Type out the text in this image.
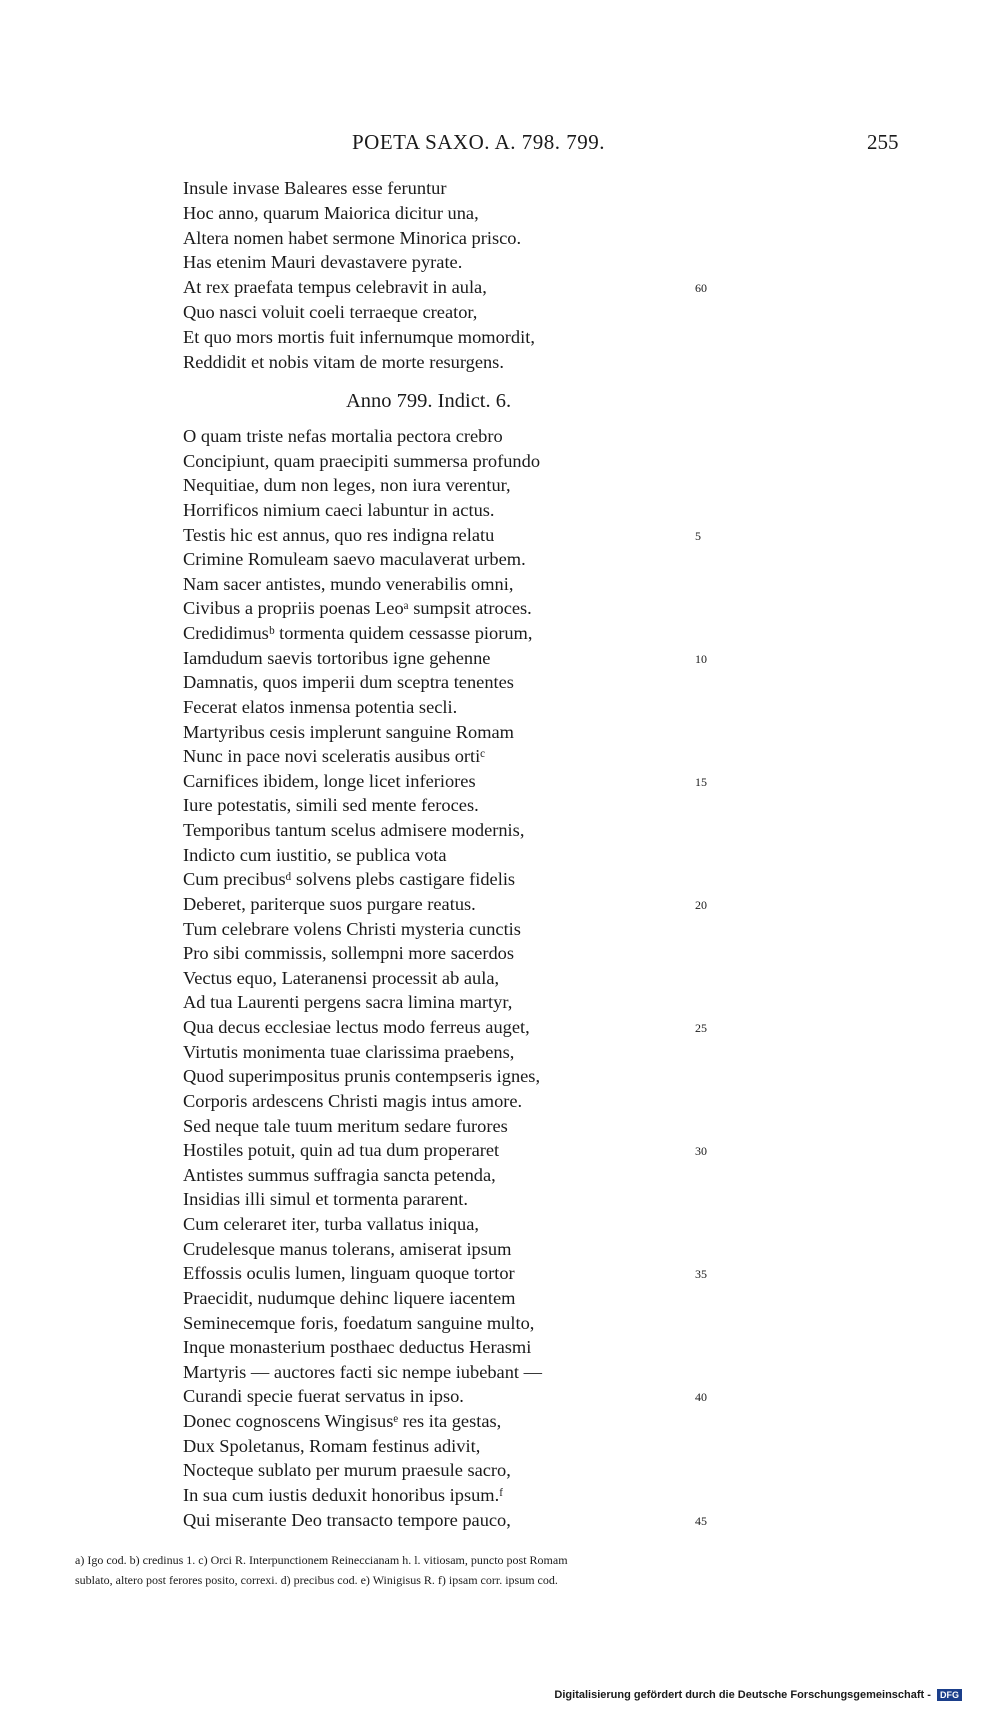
POETA SAXO. A. 798. 799.	255
Insule invase Baleares esse feruntur
Hoc anno, quarum Maiorica dicitur una,
Altera nomen habet sermone Minorica prisco.
Has etenim Mauri devastavere pyrate.
At rex praefata tempus celebravit in aula,	60
Quo nasci voluit coeli terraeque creator,
Et quo mors mortis fuit infernumque momordit,
Reddidit et nobis vitam de morte resurgens.
Anno 799. Indict. 6.
O quam triste nefas mortalia pectora crebro
Concipiunt, quam praecipiti summersa profundo
Nequitiae, dum non leges, non iura verentur,
Horrificos nimium caeci labuntur in actus.
Testis hic est annus, quo res indigna relatu	5
Crimine Romuleam saevo maculaverat urbem.
Nam sacer antistes, mundo venerabilis omni,
Civibus a propriis poenas Leoᵃ sumpsit atroces.
Credidimusᵇ tormenta quidem cessasse piorum,
Iamdudum saevis tortoribus igne gehenne	10
Damnatis, quos imperii dum sceptra tenentes
Fecerat elatos inmensa potentia secli.
Martyribus cesis implerunt sanguine Romam
Nunc in pace novi sceleratis ausibus ortiᶜ
Carnifices ibidem, longe licet inferiores	15
Iure potestatis, simili sed mente feroces.
Temporibus tantum scelus admisere modernis,
Indicto cum iustitio, se publica vota
Cum precibusᵈ solvens plebs castigare fidelis
Deberet, pariterque suos purgare reatus.	20
Tum celebrare volens Christi mysteria cunctis
Pro sibi commissis, sollempni more sacerdos
Vectus equo, Lateranensi processit ab aula,
Ad tua Laurenti pergens sacra limina martyr,
Qua decus ecclesiae lectus modo ferreus auget,	25
Virtutis monimenta tuae clarissima praebens,
Quod superimpositus prunis contempseris ignes,
Corporis ardescens Christi magis intus amore.
Sed neque tale tuum meritum sedare furores
Hostiles potuit, quin ad tua dum properaret	30
Antistes summus suffragia sancta petenda,
Insidias illi simul et tormenta pararent.
Cum celeraret iter, turba vallatus iniqua,
Crudelesque manus tolerans, amiserat ipsum
Effossis oculis lumen, linguam quoque tortor	35
Praecidit, nudumque dehinc liquere iacentem
Seminecemque foris, foedatum sanguine multo,
Inque monasterium posthaec deductus Herasmi
Martyris — auctores facti sic nempe iubebant —
Curandi specie fuerat servatus in ipso.	40
Donec cognoscens Wingisusᵉ res ita gestas,
Dux Spoletanus, Romam festinus adivit,
Nocteque sublato per murum praesule sacro,
In sua cum iustis deduxit honoribus ipsum.ᶠ
Qui miserante Deo transacto tempore pauco,	45
a) Igo cod. b) credinus 1. c) Orci R. Interpunctionem Reineccianam h. l. vitiosam, puncto post Romam
sublato, altero post ferores posito, correxi. d) precibus cod. e) Winigisus R. f) ipsam corr. ipsum cod.
Digitalisierung gefördert durch die Deutsche Forschungsgemeinschaft - DFG
